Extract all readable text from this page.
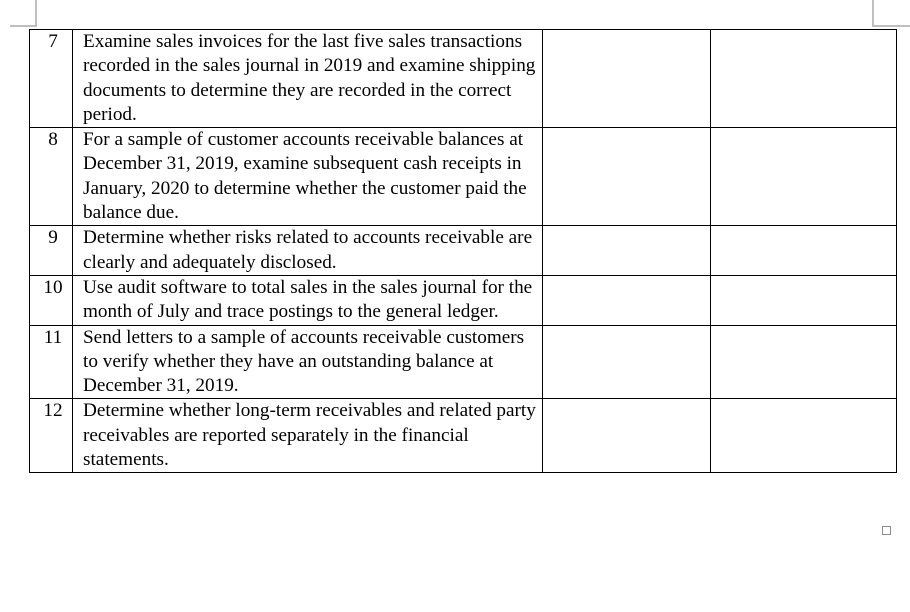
7	Examine sales invoices for the last five sales transactions recorded in the sales journal in 2019 and examine shipping documents to determine they are recorded in the correct period.		
8	For a sample of customer accounts receivable balances at December 31, 2019, examine subsequent cash receipts in January, 2020 to determine whether the customer paid the balance due.		
9	Determine whether risks related to accounts receivable are clearly and adequately disclosed.		
10	Use audit software to total sales in the sales journal for the month of July and trace postings to the general ledger.		
11	Send letters to a sample of accounts receivable customers to verify whether they have an outstanding balance at December 31, 2019.		
12	Determine whether long-term receivables and related party receivables are reported separately in the financial statements.		
